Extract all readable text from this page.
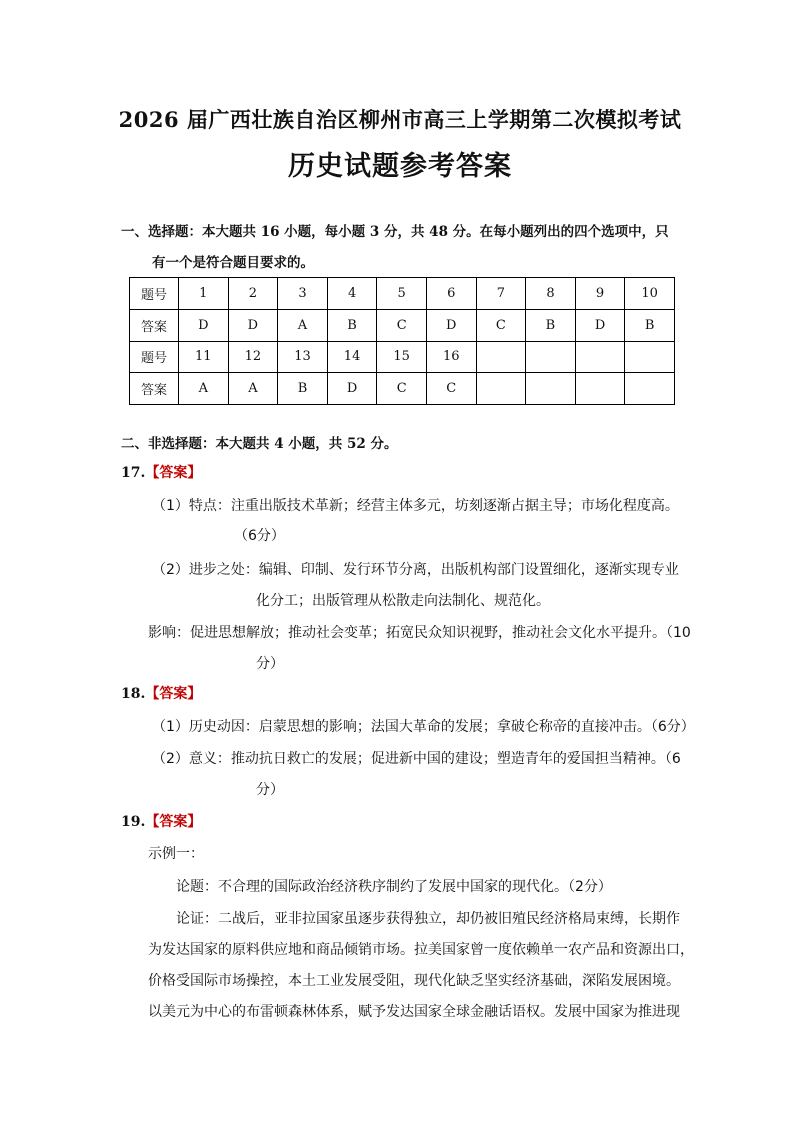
2026 届广西壮族自治区柳州市高三上学期第二次模拟考试
历史试题参考答案
一、选择题：本大题共 16 小题，每小题 3 分，共 48 分。在每小题列出的四个选项中，只
有一个是符合题目要求的。
题号	1	2	3	4	5	6	7	8	9	10
答案	D	D	A	B	C	D	C	B	D	B
题号	11	12	13	14	15	16				
答案	A	A	B	D	C	C				
二、非选择题：本大题共 4 小题，共 52 分。
17.【答案】
（1）特点：注重出版技术革新；经营主体多元，坊刻逐渐占据主导；市场化程度高。
（6分）
（2）进步之处：编辑、印制、发行环节分离，出版机构部门设置细化，逐渐实现专业
化分工；出版管理从松散走向法制化、规范化。
影响：促进思想解放；推动社会变革；拓宽民众知识视野，推动社会文化水平提升。（10
分）
18.【答案】
（1）历史动因：启蒙思想的影响；法国大革命的发展；拿破仑称帝的直接冲击。（6分）
（2）意义：推动抗日救亡的发展；促进新中国的建设；塑造青年的爱国担当精神。（6
分）
19.【答案】
示例一：
论题：不合理的国际政治经济秩序制约了发展中国家的现代化。（2分）
论证：二战后，亚非拉国家虽逐步获得独立，却仍被旧殖民经济格局束缚，长期作
为发达国家的原料供应地和商品倾销市场。拉美国家曾一度依赖单一农产品和资源出口，
价格受国际市场操控，本土工业发展受阻，现代化缺乏坚实经济基础，深陷发展困境。
以美元为中心的布雷顿森林体系，赋予发达国家全球金融话语权。发展中国家为推进现
